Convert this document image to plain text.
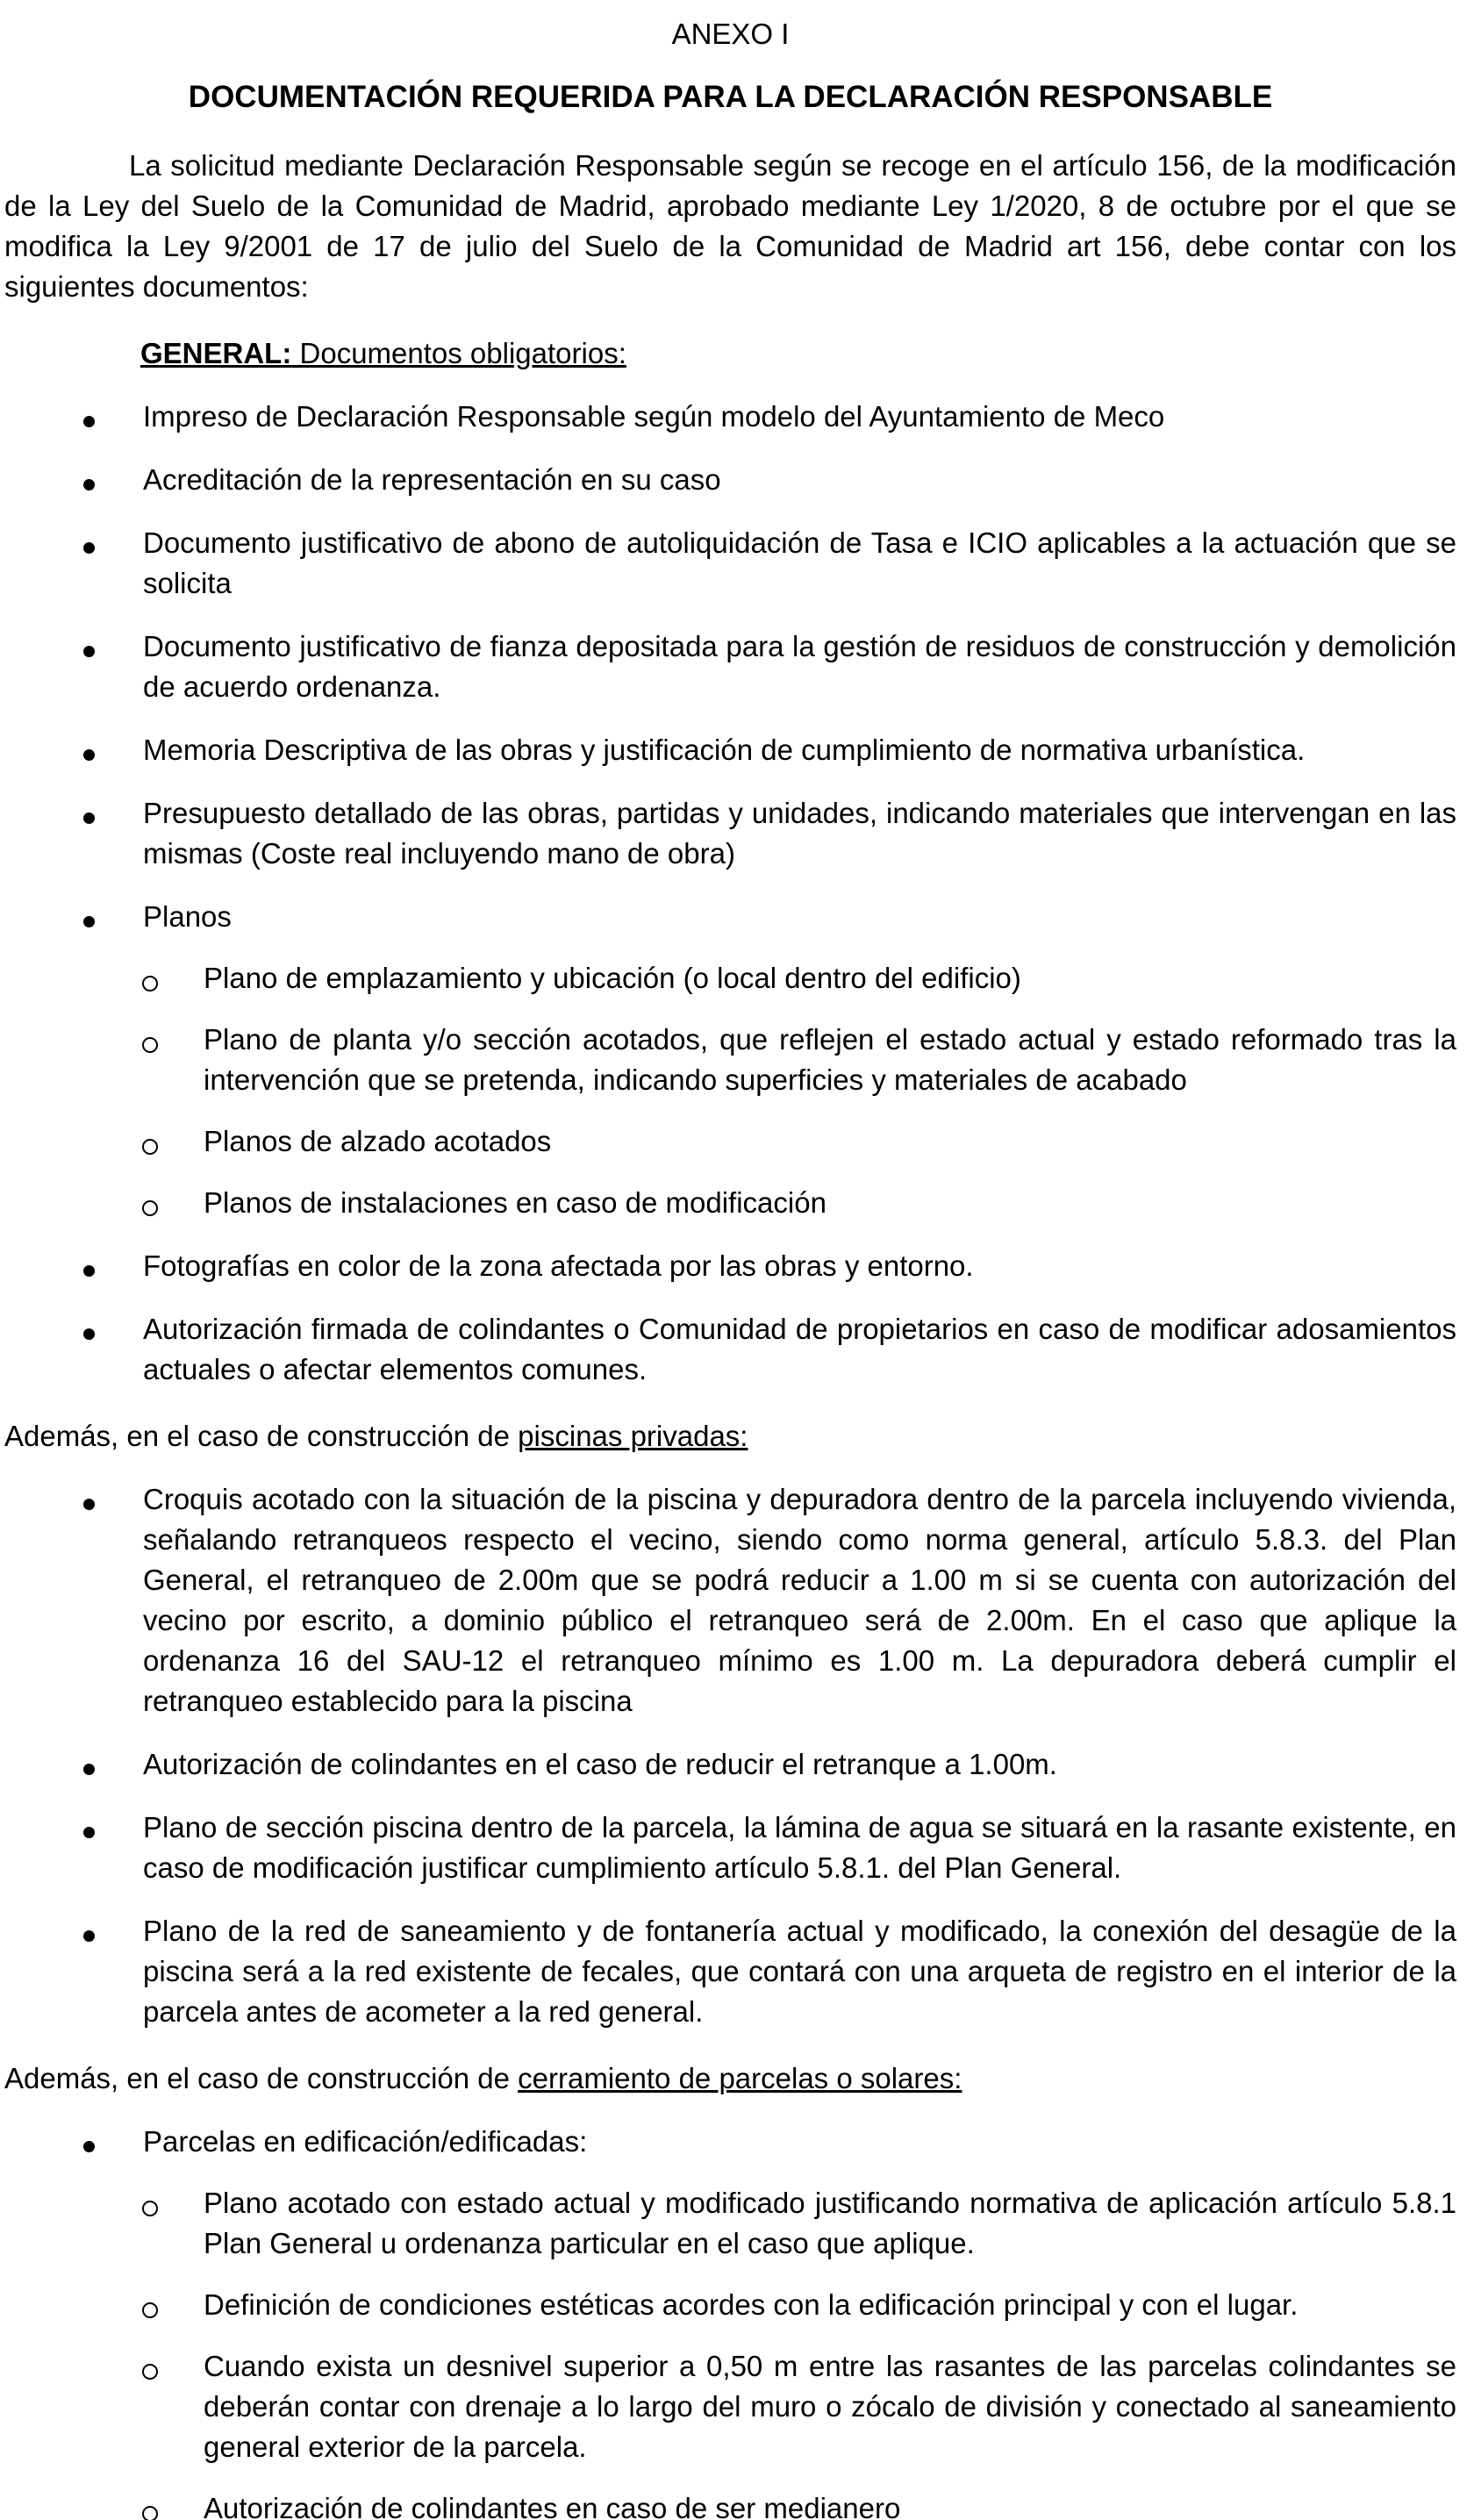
ANEXO I

DOCUMENTACIÓN REQUERIDA PARA LA DECLARACIÓN RESPONSABLE

La solicitud mediante Declaración Responsable según se recoge en el artículo 156, de la modificación de la Ley del Suelo de la Comunidad de Madrid, aprobado mediante Ley 1/2020, 8 de octubre por el que se modifica la Ley 9/2001 de 17 de julio del Suelo de la Comunidad de Madrid art 156, debe contar con los siguientes documentos:

GENERAL: Documentos obligatorios:

Impreso de Declaración Responsable según modelo del Ayuntamiento de Meco
Acreditación de la representación en su caso
Documento justificativo de abono de autoliquidación de Tasa e ICIO aplicables a la actuación que se solicita
Documento justificativo de fianza depositada para la gestión de residuos de construcción y demolición de acuerdo ordenanza.
Memoria Descriptiva de las obras y justificación de cumplimiento de normativa urbanística.
Presupuesto detallado de las obras, partidas y unidades, indicando materiales que intervengan en las mismas (Coste real incluyendo mano de obra)
Planos
Plano de emplazamiento y ubicación (o local dentro del edificio)
Plano de planta y/o sección acotados, que reflejen el estado actual y estado reformado tras la intervención que se pretenda, indicando superficies y materiales de acabado
Planos de alzado acotados
Planos de instalaciones en caso de modificación
Fotografías en color de la zona afectada por las obras y entorno.
Autorización firmada de colindantes o Comunidad de propietarios en caso de modificar adosamientos actuales o afectar elementos comunes.

Además, en el caso de construcción de piscinas privadas:

Croquis acotado con la situación de la piscina y depuradora dentro de la parcela incluyendo vivienda, señalando retranqueos respecto el vecino, siendo como norma general, artículo 5.8.3. del Plan General, el retranqueo de 2.00m que se podrá reducir a 1.00 m si se cuenta con autorización del vecino por escrito, a dominio público el retranqueo será de 2.00m. En el caso que aplique la ordenanza 16 del SAU-12 el retranqueo mínimo es 1.00 m. La depuradora deberá cumplir el retranqueo establecido para la piscina
Autorización de colindantes en el caso de reducir el retranque a 1.00m.
Plano de sección piscina dentro de la parcela, la lámina de agua se situará en la rasante existente, en caso de modificación justificar cumplimiento artículo 5.8.1. del Plan General.
Plano de la red de saneamiento y de fontanería actual y modificado, la conexión del desagüe de la piscina será a la red existente de fecales, que contará con una arqueta de registro en el interior de la parcela antes de acometer a la red general.

Además, en el caso de construcción de cerramiento de parcelas o solares:

Parcelas en edificación/edificadas:
Plano acotado con estado actual y modificado justificando normativa de aplicación artículo 5.8.1 Plan General u ordenanza particular en el caso que aplique.
Definición de condiciones estéticas acordes con la edificación principal y con el lugar.
Cuando exista un desnivel superior a 0,50 m entre las rasantes de las parcelas colindantes se deberán contar con drenaje a lo largo del muro o zócalo de división y conectado al saneamiento general exterior de la parcela.
Autorización de colindantes en caso de ser medianero
